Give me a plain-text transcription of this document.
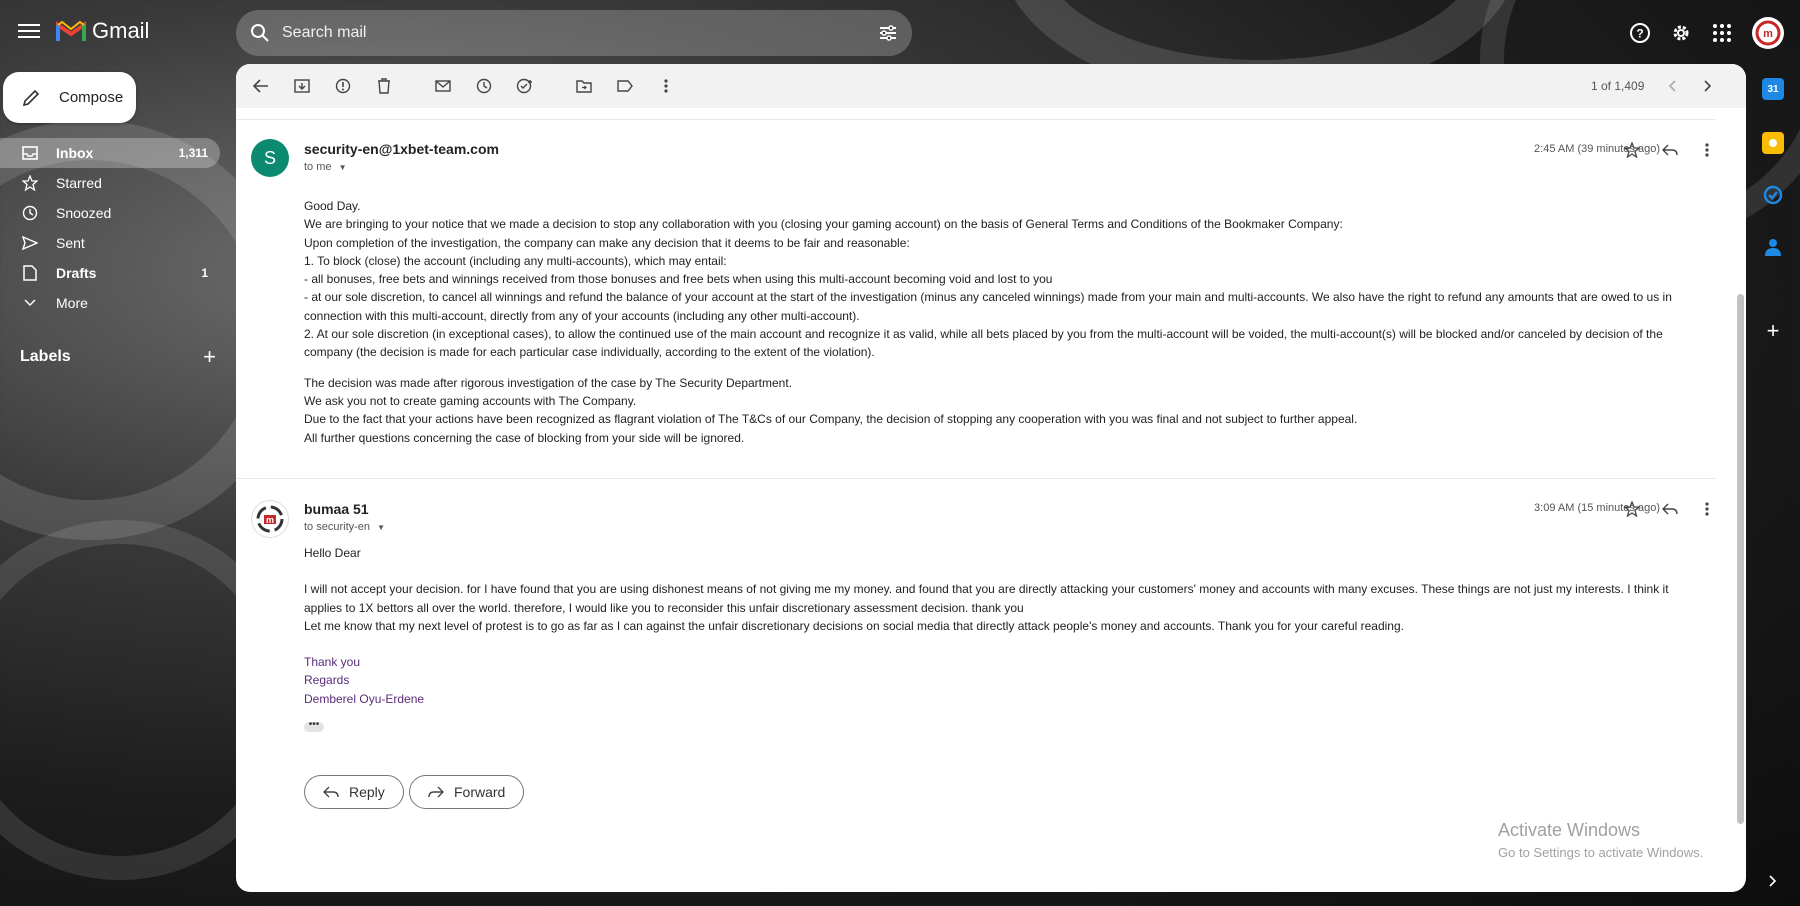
Gmail
Search mail	?	m
Compose
Inbox	1,311
Starred
Snoozed
Sent
Drafts	1
More
Labels	+
1 of 1,409
S	security-en@1xbet-team.com
to me ▼
2:45 AM (39 minutes ago)

Good Day.

We are bringing to your notice that we made a decision to stop any collaboration with you (closing your gaming account) on the basis of General Terms and Conditions of the Bookmaker Company:

Upon completion of the investigation, the company can make any decision that it deems to be fair and reasonable:

1. To block (close) the account (including any multi-accounts), which may entail:

- all bonuses, free bets and winnings received from those bonuses and free bets when using this multi-account becoming void and lost to you

- at our sole discretion, to cancel all winnings and refund the balance of your account at the start of the investigation (minus any canceled winnings) made from your main and multi-accounts. We also have the right to refund any amounts that are owed to us in

connection with this multi-account, directly from any of your accounts (including any other multi-account).

2. At our sole discretion (in exceptional cases), to allow the continued use of the main account and recognize it as valid, while all bets placed by you from the multi-account will be voided, the multi-account(s) will be blocked and/or canceled by decision of the

company (the decision is made for each particular case individually, according to the extent of the violation).

The decision was made after rigorous investigation of the case by The Security Department.

We ask you not to create gaming accounts with The Company.

Due to the fact that your actions have been recognized as flagrant violation of The T&Cs of our Company, the decision of stopping any cooperation with you was final and not subject to further appeal.

All further questions concerning the case of blocking from your side will be ignored.

m
bumaa 51
to security-en ▼
3:09 AM (15 minutes ago)

Hello Dear

I will not accept your decision. for I have found that you are using dishonest means of not giving me my money. and found that you are directly attacking your customers' money and accounts with many excuses. These things are not just my interests. I think it

applies to 1X bettors all over the world. therefore, I would like you to reconsider this unfair discretionary assessment decision. thank you

Let me know that my next level of protest is to go as far as I can against the unfair discretionary decisions on social media that directly attack people's money and accounts. Thank you for your careful reading.

Thank you

Regards

Demberel Oyu-Erdene

•••
Reply	Forward
Activate Windows
Go to Settings to activate Windows.
31
+
